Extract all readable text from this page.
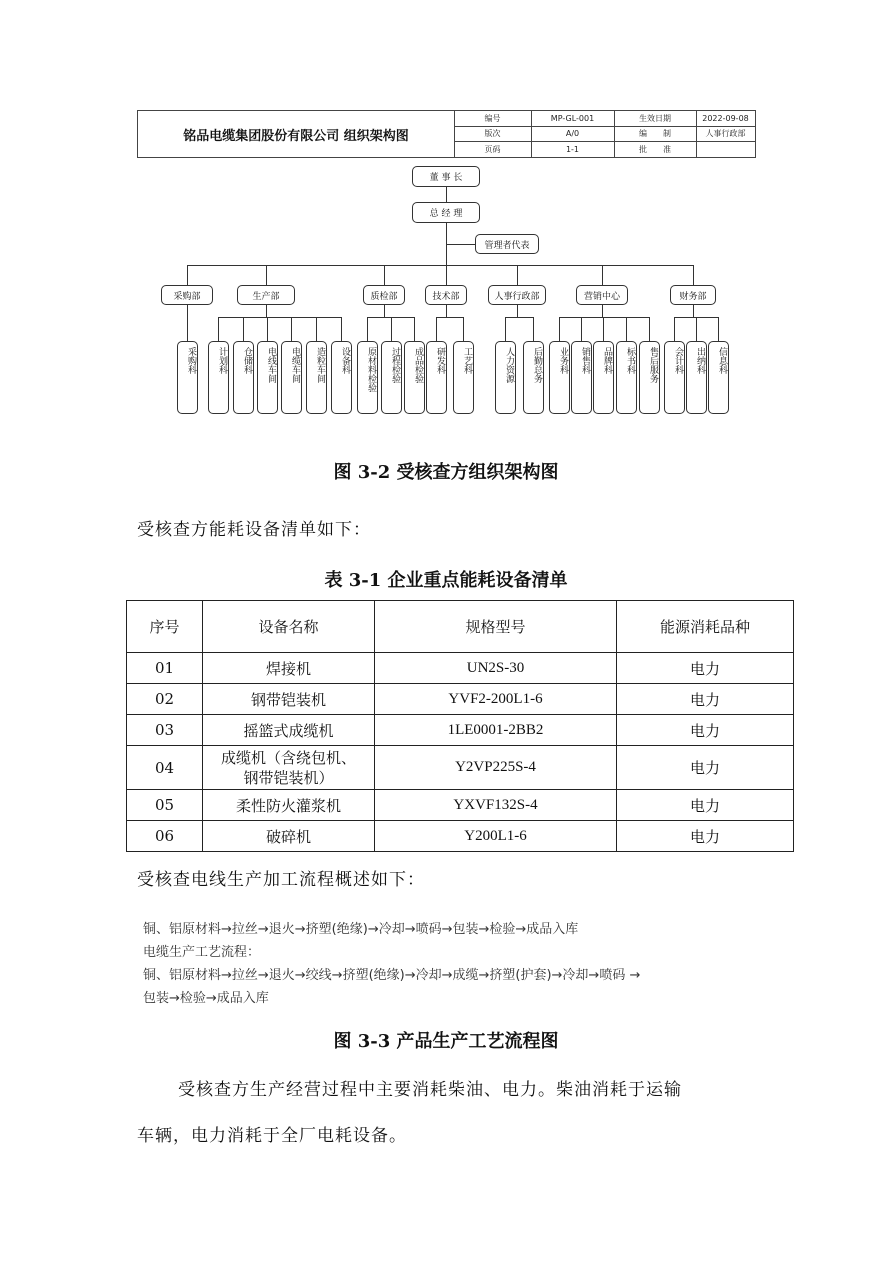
铭品电缆集团股份有限公司 组织架构图
编号	MP-GL-001	生效日期	2022-09-08
版次	A/0	编　　制	人事行政部
页码	1-1	批　　准
董 事 长
总 经 理
管理者代表
采购部
采购科
生产部
计划科	仓储科	电线车间	电缆车间	造粒车间	设备科
质检部
原材料检验	过程检验	成品检验
技术部
研发科	工艺科
人事行政部
人力资源	后勤总务
营销中心
业务科	销售科	品牌科	标书科	售后服务
财务部
会计科	出纳科	信息科
图 3-2 受核查方组织架构图
受核查方能耗设备清单如下：
表 3-1 企业重点能耗设备清单
序号	设备名称	规格型号	能源消耗品种
01	焊接机	UN2S-30	电力
02	钢带铠装机	YVF2-200L1-6	电力
03	摇篮式成缆机	1LE0001-2BB2	电力
04	成缆机（含绕包机、钢带铠装机）	Y2VP225S-4	电力
05	柔性防火灌浆机	YXVF132S-4	电力
06	破碎机	Y200L1-6	电力
受核查电线生产加工流程概述如下：
铜、铝原材料→拉丝→退火→挤塑(绝缘)→冷却→喷码→包装→检验→成品入库
电缆生产工艺流程：
铜、铝原材料→拉丝→退火→绞线→挤塑(绝缘)→冷却→成缆→挤塑(护套)→冷却→喷码 →
包装→检验→成品入库
图 3-3 产品生产工艺流程图
受核查方生产经营过程中主要消耗柴油、电力。柴油消耗于运输
车辆，电力消耗于全厂电耗设备。
